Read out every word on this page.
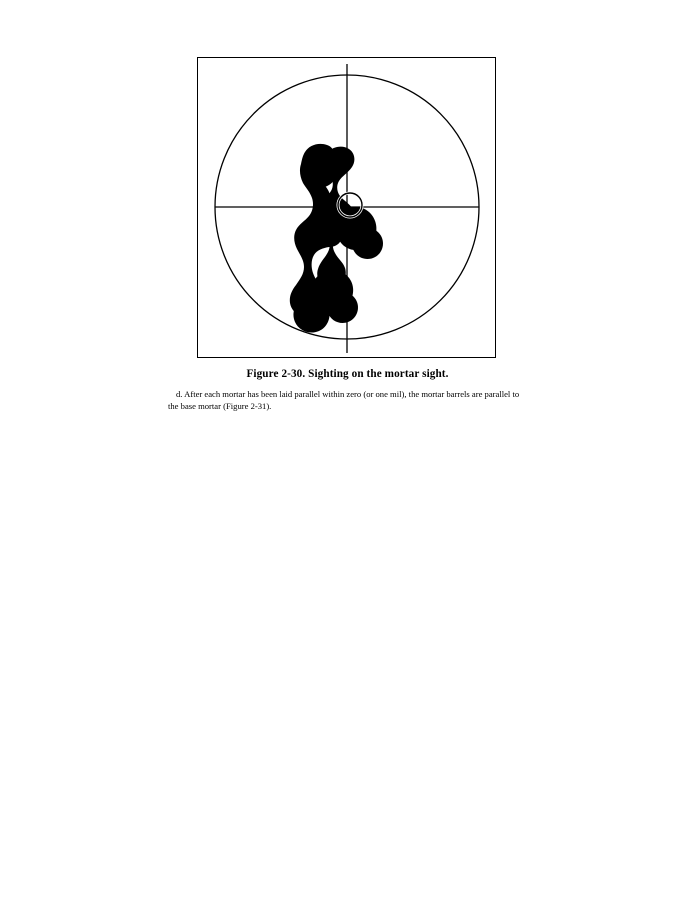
Figure 2-30. Sighting on the mortar sight.
d. After each mortar has been laid parallel within zero (or one mil), the mortar barrels are parallel to the base mortar (Figure 2-31).
